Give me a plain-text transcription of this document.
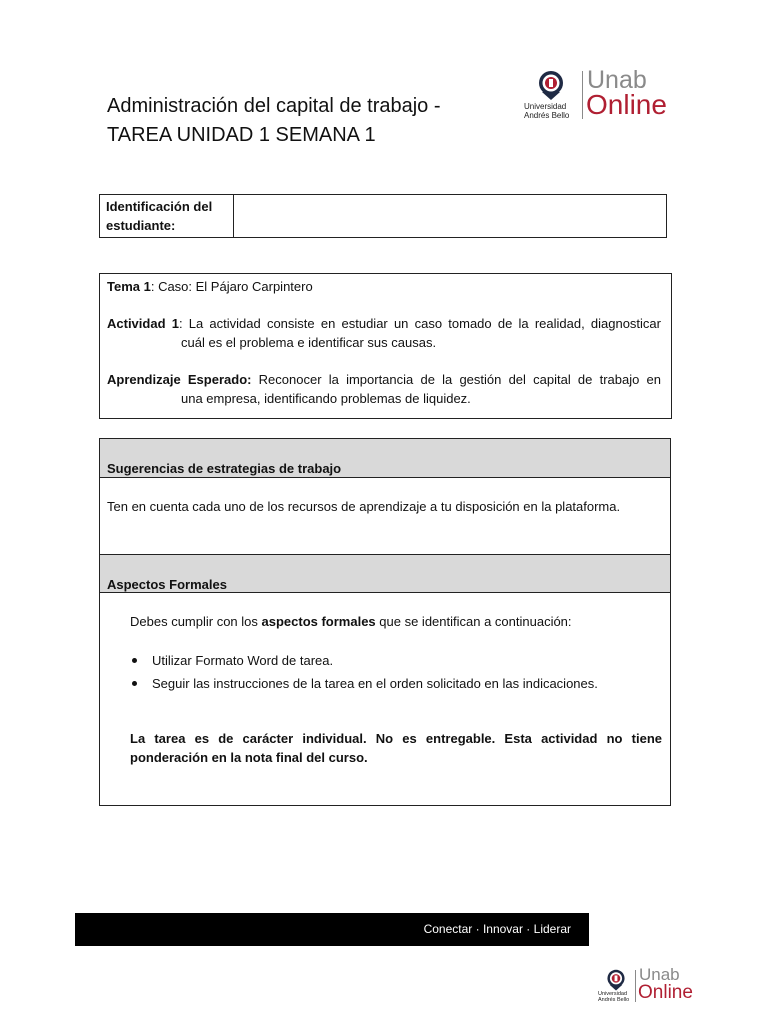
Administración del capital de trabajo -
TAREA UNIDAD 1 SEMANA 1
Universidad
Andrés Bello
Unab
Online
Identificación del estudiante:

Tema 1: Caso: El Pájaro Carpintero

Actividad 1: La actividad consiste en estudiar un caso tomado de la realidad, diagnosticar

cuál es el problema e identificar sus causas.

Aprendizaje Esperado: Reconocer la importancia de la gestión del capital de trabajo en

una empresa, identificando problemas de liquidez.

Sugerencias de estrategias de trabajo
Ten en cuenta cada uno de los recursos de aprendizaje a tu disposición en la plataforma.
Aspectos Formales

Debes cumplir con los aspectos formales que se identifican a continuación:

Utilizar Formato Word de tarea.
Seguir las instrucciones de la tarea en el orden solicitado en las indicaciones.

La tarea es de carácter individual. No es entregable. Esta actividad no tiene

ponderación en la nota final del curso.

Conectar · Innovar · Liderar
Universidad
Andrés Bello
Unab
Online
